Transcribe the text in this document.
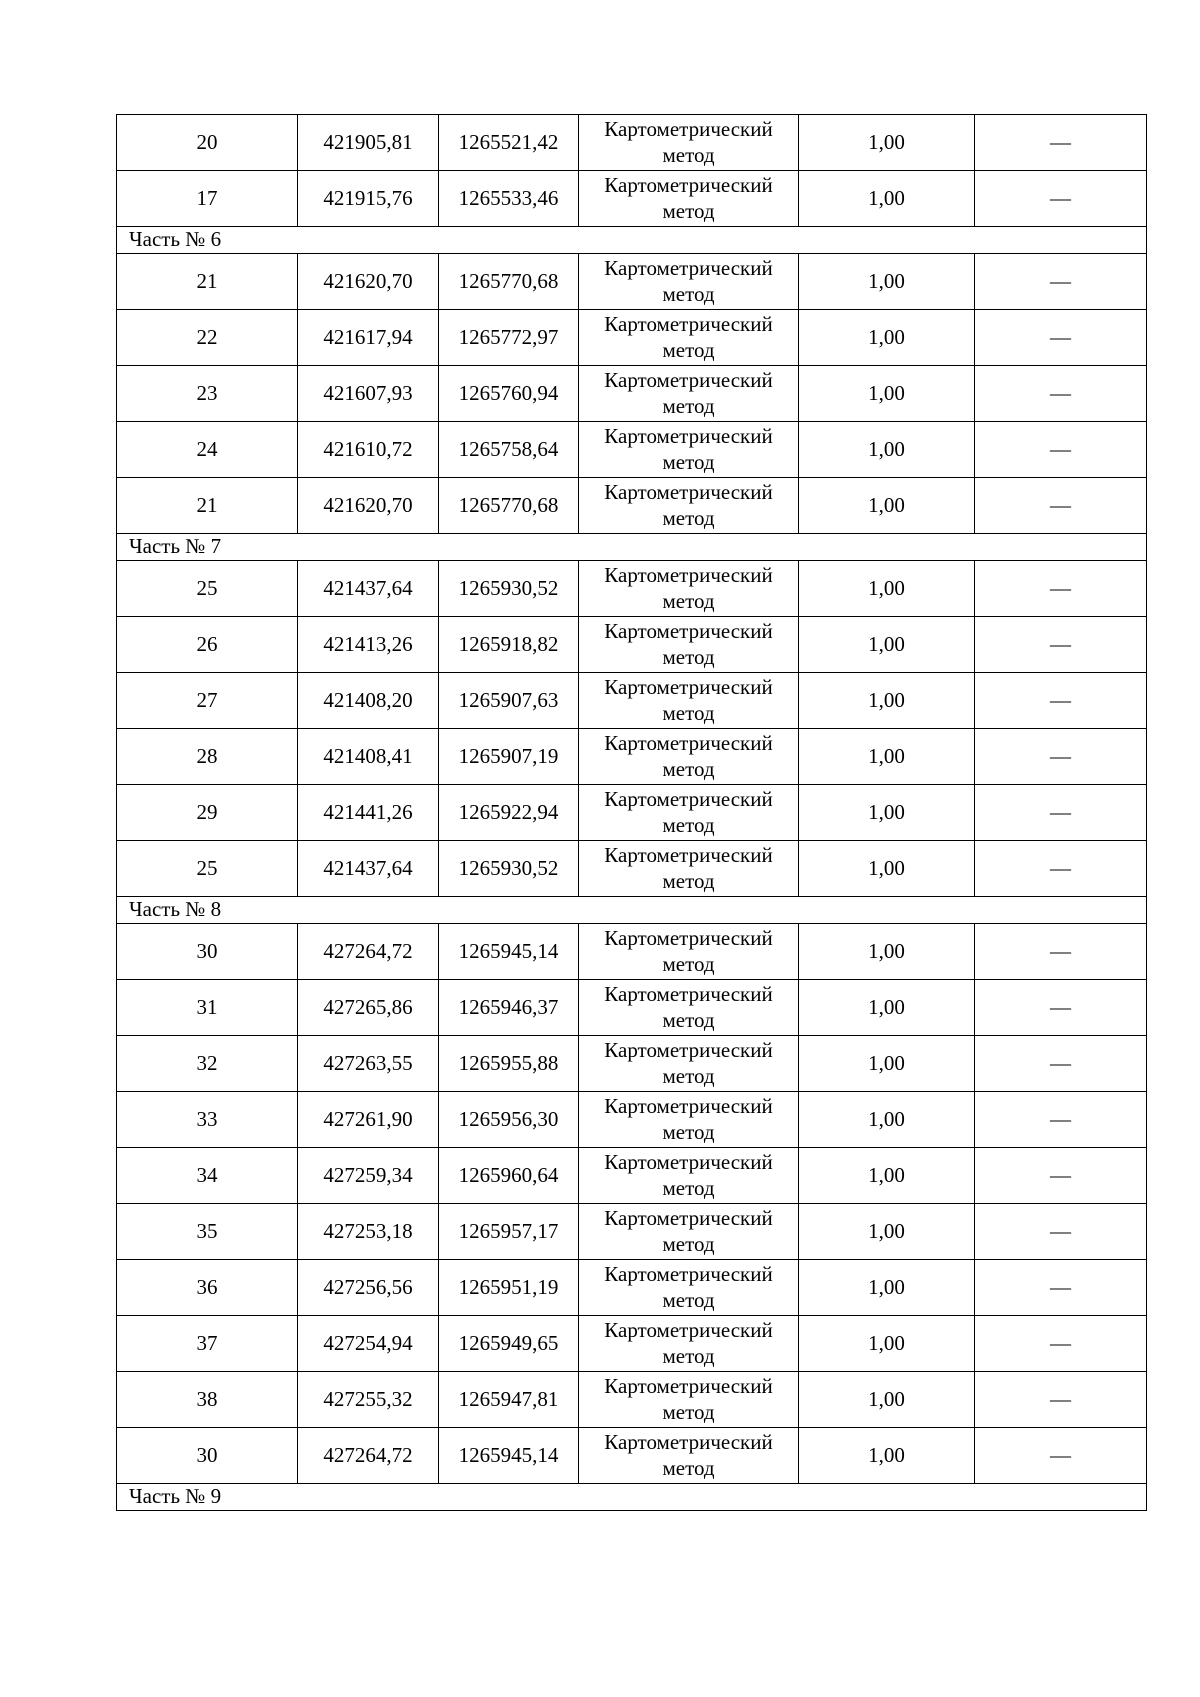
20	421905,81	1265521,42	Картометрический метод	1,00	—
17	421915,76	1265533,46	Картометрический метод	1,00	—
Часть № 6					
21	421620,70	1265770,68	Картометрический метод	1,00	—
22	421617,94	1265772,97	Картометрический метод	1,00	—
23	421607,93	1265760,94	Картометрический метод	1,00	—
24	421610,72	1265758,64	Картометрический метод	1,00	—
21	421620,70	1265770,68	Картометрический метод	1,00	—
Часть № 7					
25	421437,64	1265930,52	Картометрический метод	1,00	—
26	421413,26	1265918,82	Картометрический метод	1,00	—
27	421408,20	1265907,63	Картометрический метод	1,00	—
28	421408,41	1265907,19	Картометрический метод	1,00	—
29	421441,26	1265922,94	Картометрический метод	1,00	—
25	421437,64	1265930,52	Картометрический метод	1,00	—
Часть № 8					
30	427264,72	1265945,14	Картометрический метод	1,00	—
31	427265,86	1265946,37	Картометрический метод	1,00	—
32	427263,55	1265955,88	Картометрический метод	1,00	—
33	427261,90	1265956,30	Картометрический метод	1,00	—
34	427259,34	1265960,64	Картометрический метод	1,00	—
35	427253,18	1265957,17	Картометрический метод	1,00	—
36	427256,56	1265951,19	Картометрический метод	1,00	—
37	427254,94	1265949,65	Картометрический метод	1,00	—
38	427255,32	1265947,81	Картометрический метод	1,00	—
30	427264,72	1265945,14	Картометрический метод	1,00	—
Часть № 9					
